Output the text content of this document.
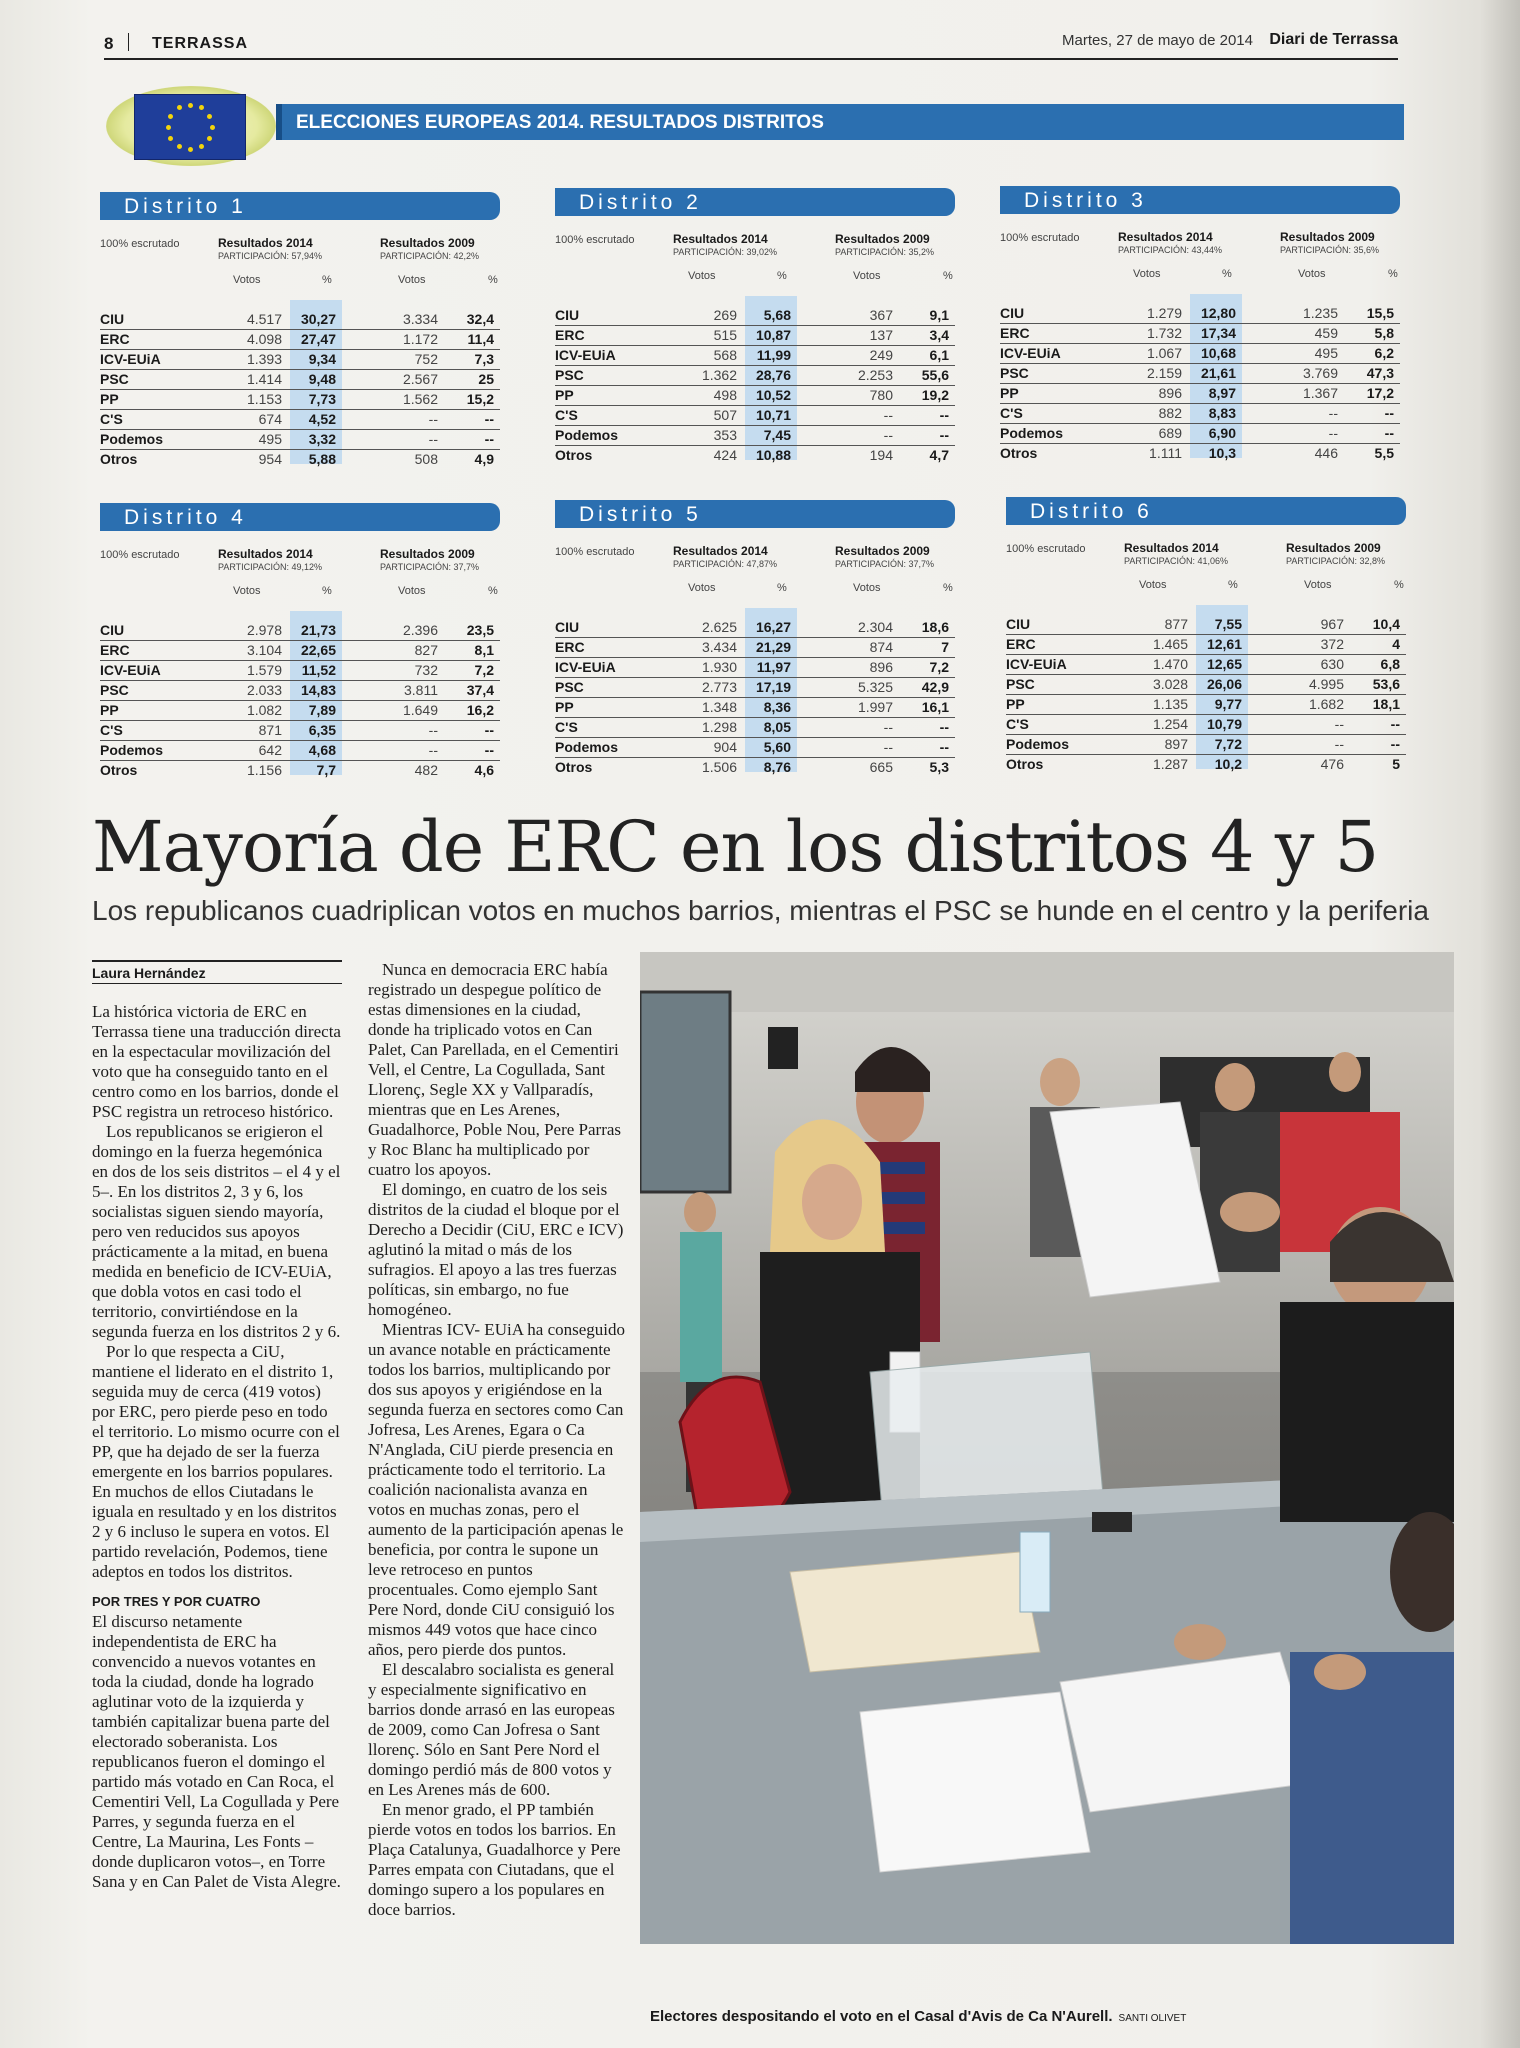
8 TERRASSA	Martes, 27 de mayo de 2014 Diari de Terrassa
ELECCIONES EUROPEAS 2014. RESULTADOS DISTRITOS
Distrito 1
100% escrutado	Resultados 2014
PARTICIPACIÓN: 57,94%
Resultados 2009
PARTICIPACIÓN: 42,2%
Votos	%	Votos	%
CIU	4.517 30,27	3.334 32,4
ERC	4.098 27,47	1.172 11,4
ICV-EUiA	1.393 9,34	752	7,3
PSC	1.414 9,48	2.567	25
PP	1.153 7,73	1.562 15,2
C'S	674 4,52	--	--
Podemos	495 3,32	--	--
Otros	954 5,88	508	4,9
Distrito 2
100% escrutado	Resultados 2014
PARTICIPACIÓN: 39,02%
Resultados 2009
PARTICIPACIÓN: 35,2%
Votos	%	Votos	%
CIU	269 5,68	367	9,1
ERC	515 10,87	137	3,4
ICV-EUiA	568 11,99	249	6,1
PSC	1.362 28,76	2.253 55,6
PP	498 10,52	780 19,2
C'S	507 10,71	--	--
Podemos	353 7,45	--	--
Otros	424 10,88	194	4,7
Distrito 3
100% escrutado	Resultados 2014
PARTICIPACIÓN: 43,44%
Resultados 2009
PARTICIPACIÓN: 35,6%
Votos	%	Votos	%
CIU	1.279 12,80	1.235 15,5
ERC	1.732 17,34	459	5,8
ICV-EUiA	1.067 10,68	495	6,2
PSC	2.159 21,61	3.769 47,3
PP	896 8,97	1.367 17,2
C'S	882 8,83	--	--
Podemos	689 6,90	--	--
Otros	1.111 10,3	446	5,5
Distrito 4
100% escrutado	Resultados 2014
PARTICIPACIÓN: 49,12%
Resultados 2009
PARTICIPACIÓN: 37,7%
Votos	%	Votos	%
CIU	2.978 21,73	2.396 23,5
ERC	3.104 22,65	827	8,1
ICV-EUiA	1.579 11,52	732	7,2
PSC	2.033 14,83	3.811 37,4
PP	1.082 7,89	1.649 16,2
C'S	871 6,35	--	--
Podemos	642 4,68	--	--
Otros	1.156 7,7	482	4,6
Distrito 5
100% escrutado	Resultados 2014
PARTICIPACIÓN: 47,87%
Resultados 2009
PARTICIPACIÓN: 37,7%
Votos	%	Votos	%
CIU	2.625 16,27	2.304 18,6
ERC	3.434 21,29	874	7
ICV-EUiA	1.930 11,97	896	7,2
PSC	2.773 17,19	5.325 42,9
PP	1.348 8,36	1.997 16,1
C'S	1.298 8,05	--	--
Podemos	904 5,60	--	--
Otros	1.506 8,76	665	5,3
Distrito 6
100% escrutado	Resultados 2014
PARTICIPACIÓN: 41,06%
Resultados 2009
PARTICIPACIÓN: 32,8%
Votos	%	Votos	%
CIU	877 7,55	967 10,4
ERC	1.465 12,61	372	4
ICV-EUiA	1.470 12,65	630	6,8
PSC	3.028 26,06	4.995 53,6
PP	1.135 9,77	1.682 18,1
C'S	1.254 10,79	--	--
Podemos	897 7,72	--	--
Otros	1.287 10,2	476	5
Mayoría de ERC en los distritos 4 y 5
Los republicanos cuadriplican votos en muchos barrios, mientras el PSC se hunde en el centro y la periferia
Laura Hernández

La histórica victoria de ERC en Terrassa tiene una traducción directa en la espectacular movilización del voto que ha conseguido tanto en el centro como en los barrios, donde el PSC registra un retroceso histórico.

Los republicanos se erigieron el domingo en la fuerza hegemónica en dos de los seis distritos – el 4 y el 5–. En los distritos 2, 3 y 6, los socialistas siguen siendo mayoría, pero ven reducidos sus apoyos prácticamente a la mitad, en buena medida en beneficio de ICV-EUiA, que dobla votos en casi todo el territorio, convirtiéndose en la segunda fuerza en los distritos 2 y 6.

Por lo que respecta a CiU, mantiene el liderato en el distrito 1, seguida muy de cerca (419 votos) por ERC, pero pierde peso en todo el territorio. Lo mismo ocurre con el PP, que ha dejado de ser la fuerza emergente en los barrios populares. En muchos de ellos Ciutadans le iguala en resultado y en los distritos 2 y 6 incluso le supera en votos. El partido revelación, Podemos, tiene adeptos en todos los distritos.

POR TRES Y POR CUATRO

El discurso netamente independentista de ERC ha convencido a nuevos votantes en toda la ciudad, donde ha logrado aglutinar voto de la izquierda y también capitalizar buena parte del electorado soberanista. Los republicanos fueron el domingo el partido más votado en Can Roca, el Cementiri Vell, La Cogullada y Pere Parres, y segunda fuerza en el Centre, La Maurina, Les Fonts –donde duplicaron votos–, en Torre Sana y en Can Palet de Vista Alegre.

Nunca en democracia ERC había registrado un despegue político de estas dimensiones en la ciudad, donde ha triplicado votos en Can Palet, Can Parellada, en el Cementiri Vell, el Centre, La Cogullada, Sant Llorenç, Segle XX y Vallparadís, mientras que en Les Arenes, Guadalhorce, Poble Nou, Pere Parras y Roc Blanc ha multiplicado por cuatro los apoyos.

El domingo, en cuatro de los seis distritos de la ciudad el bloque por el Derecho a Decidir (CiU, ERC e ICV) aglutinó la mitad o más de los sufragios. El apoyo a las tres fuerzas políticas, sin embargo, no fue homogéneo.

Mientras ICV- EUiA ha conseguido un avance notable en prácticamente todos los barrios, multiplicando por dos sus apoyos y erigiéndose en la segunda fuerza en sectores como Can Jofresa, Les Arenes, Egara o Ca N'Anglada, CiU pierde presencia en prácticamente todo el territorio. La coalición nacionalista avanza en votos en muchas zonas, pero el aumento de la participación apenas le beneficia, por contra le supone un leve retroceso en puntos procentuales. Como ejemplo Sant Pere Nord, donde CiU consiguió los mismos 449 votos que hace cinco años, pero pierde dos puntos.

El descalabro socialista es general y especialmente significativo en barrios donde arrasó en las europeas de 2009, como Can Jofresa o Sant llorenç. Sólo en Sant Pere Nord el domingo perdió más de 800 votos y en Les Arenes más de 600.

En menor grado, el PP también pierde votos en todos los barrios. En Plaça Catalunya, Guadalhorce y Pere Parres empata con Ciutadans, que el domingo supero a los populares en doce barrios.

Electores despositando el voto en el Casal d'Avis de Ca N'Aurell. SANTI OLIVET
